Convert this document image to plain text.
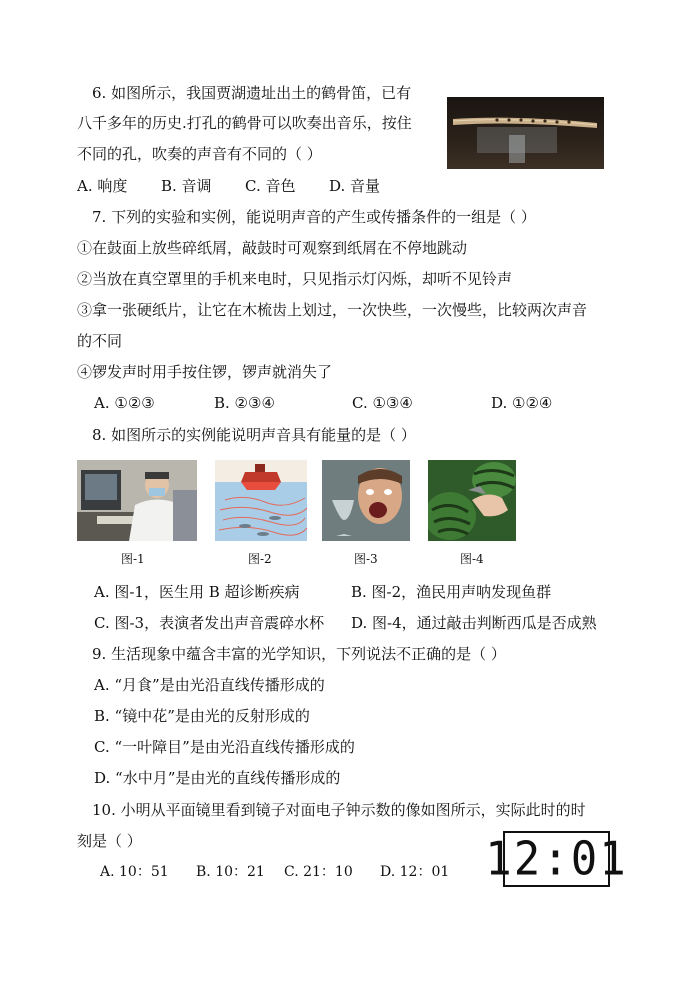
6. 如图所示，我国贾湖遗址出土的鹤骨笛，已有
八千多年的历史.打孔的鹤骨可以吹奏出音乐，按住
不同的孔，吹奏的声音有不同的（ ）
A. 响度 B. 音调 C. 音色 D. 音量
7. 下列的实验和实例，能说明声音的产生或传播条件的一组是（ ）
①在鼓面上放些碎纸屑，敲鼓时可观察到纸屑在不停地跳动
②当放在真空罩里的手机来电时，只见指示灯闪烁，却听不见铃声
③拿一张硬纸片，让它在木梳齿上划过，一次快些，一次慢些，比较两次声音
的不同
④锣发声时用手按住锣，锣声就消失了
A. ①②③	B. ②③④	C. ①③④	D. ①②④
8. 如图所示的实例能说明声音具有能量的是（ ）
图-1	图-2	图-3	图-4
A. 图-1，医生用 B 超诊断疾病	B. 图-2，渔民用声呐发现鱼群
C. 图-3，表演者发出声音震碎水杯 D. 图-4，通过敲击判断西瓜是否成熟
9. 生活现象中蕴含丰富的光学知识，下列说法不正确的是（ ）
A. “月食”是由光沿直线传播形成的
B. “镜中花”是由光的反射形成的
C. “一叶障目”是由光沿直线传播形成的
D. “水中月”是由光的直线传播形成的
10. 小明从平面镜里看到镜子对面电子钟示数的像如图所示，实际此时的时
刻是（ ）
A. 10：51 B. 10：21 C. 21：10 D. 12：01 12:01
